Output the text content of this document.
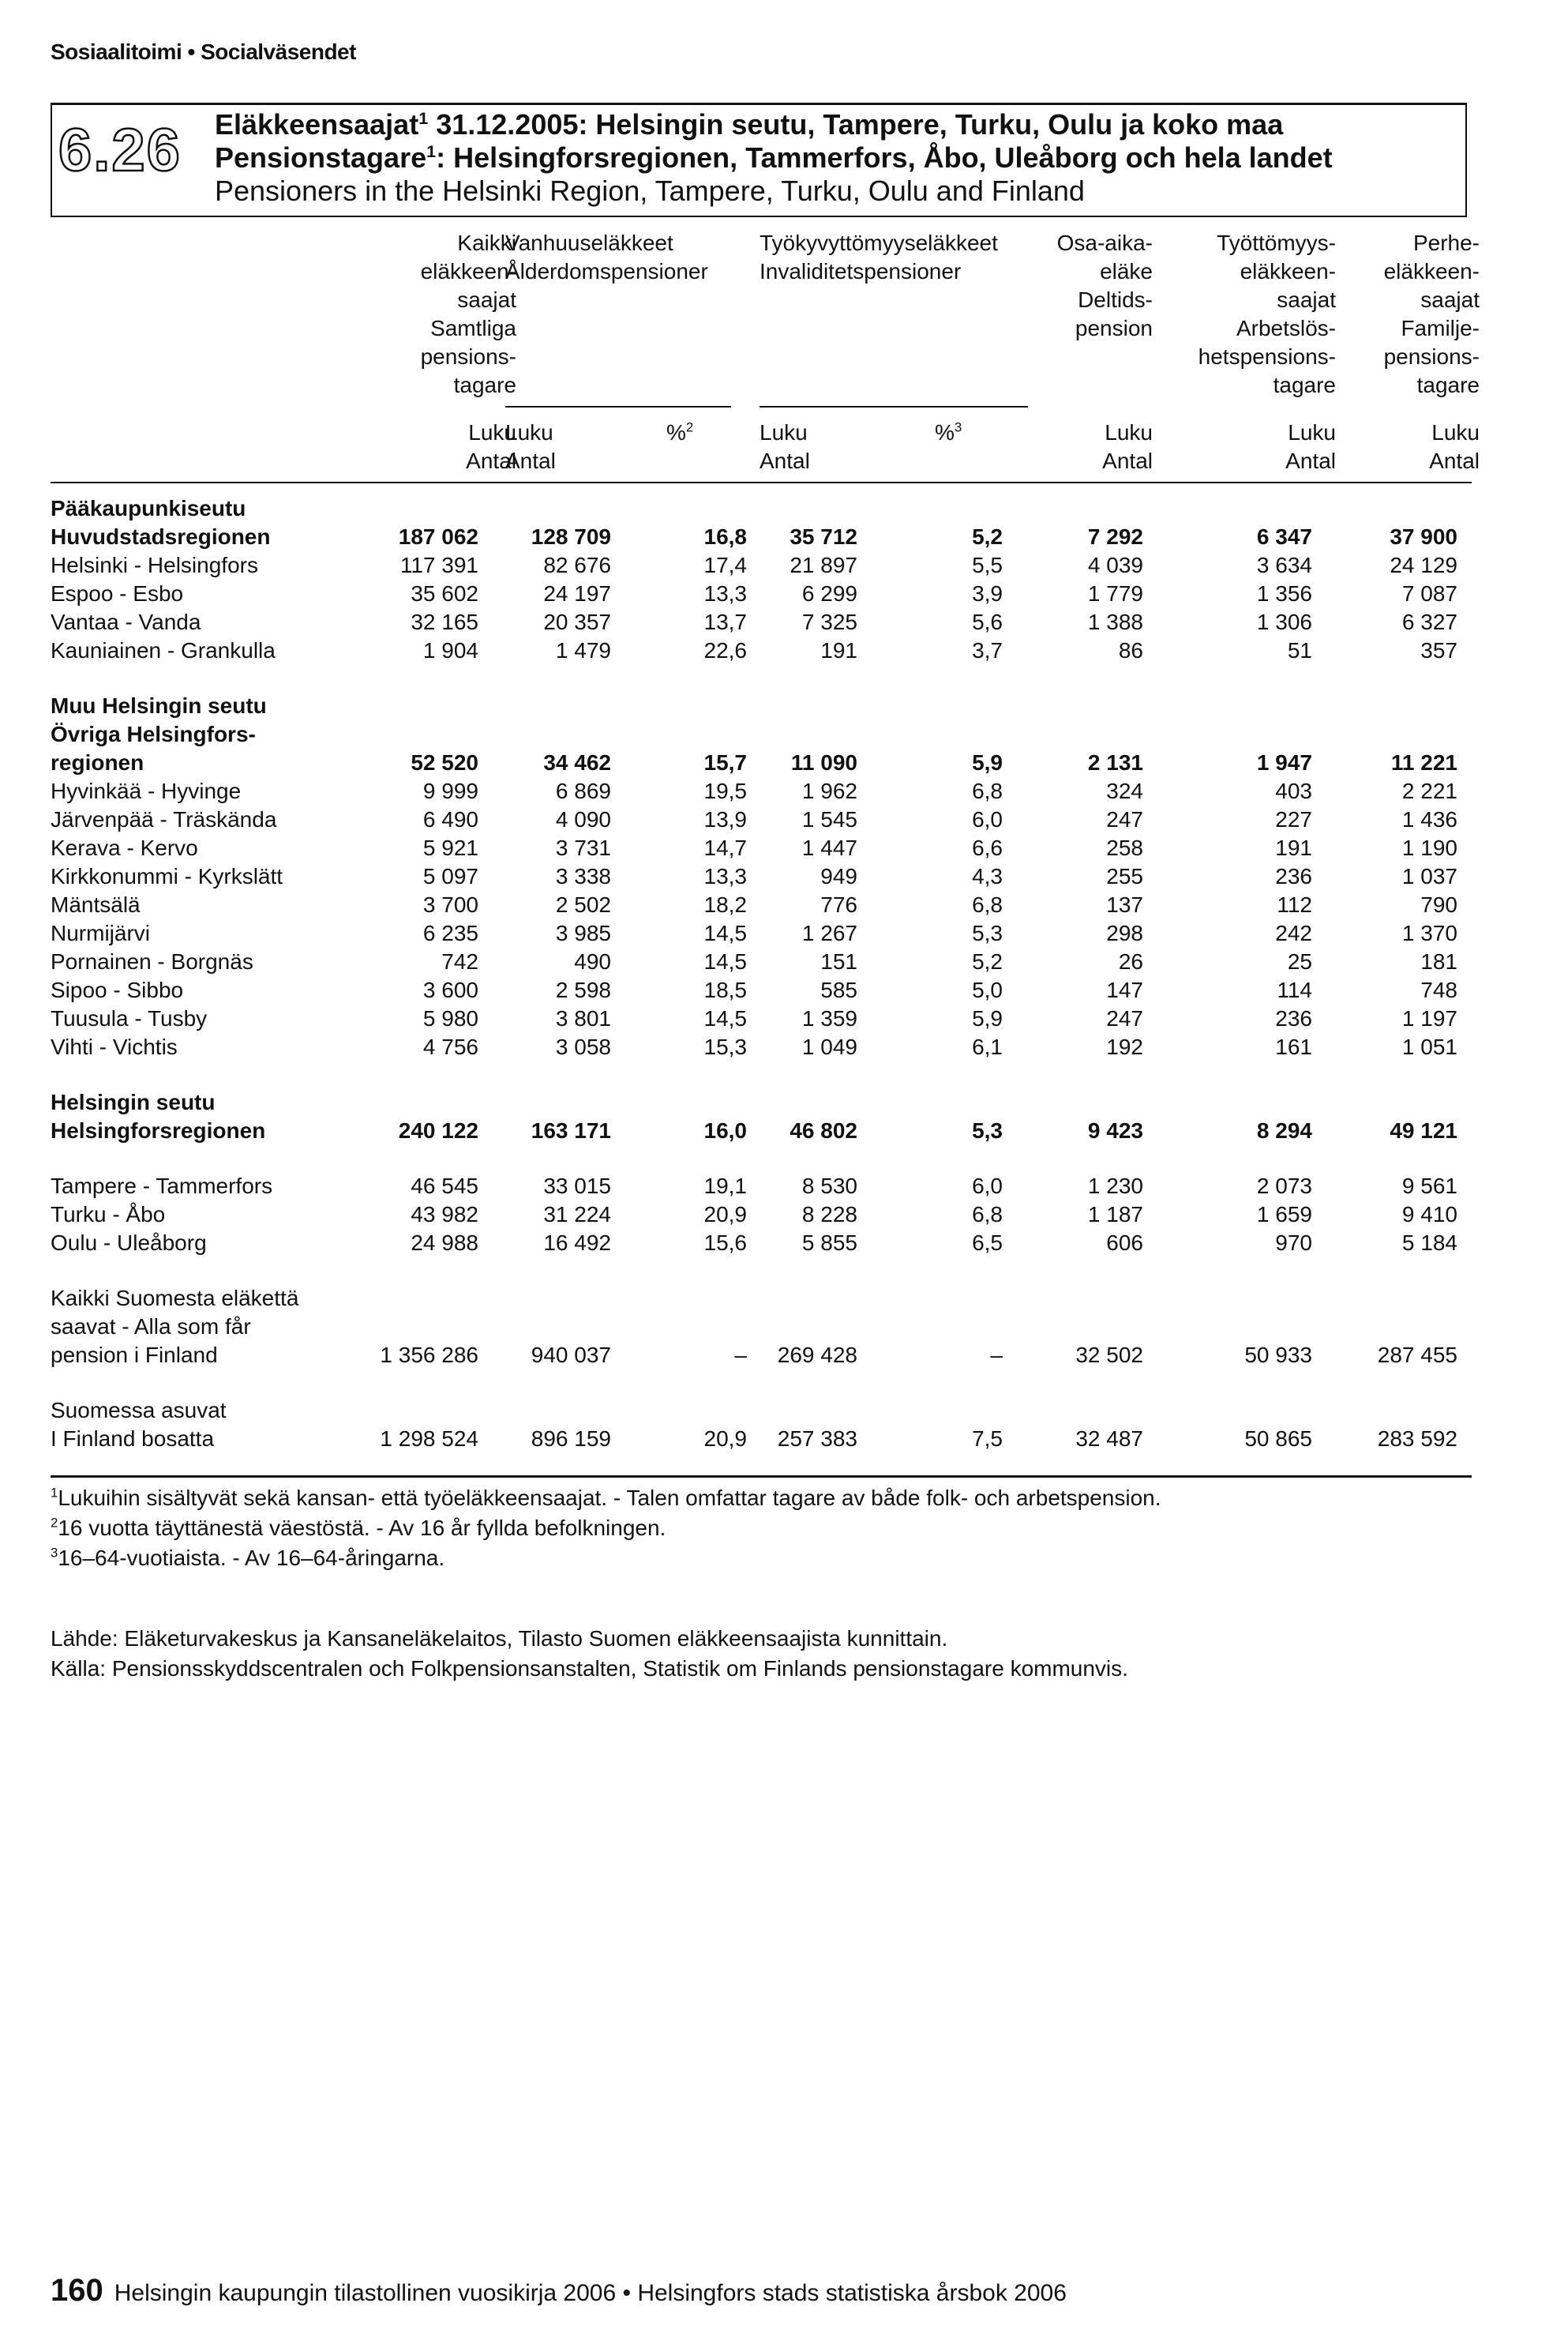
Sosiaalitoimi • Socialväsendet
6.26 Eläkkeensaajat$^1$ 31.12.2005: Helsingin seutu, Tampere, Turku, Oulu ja koko maa
Pensionstagare$^1$: Helsingforsregionen, Tammerfors, Åbo, Uleåborg och hela landet
Pensioners in the Helsinki Region, Tampere, Turku, Oulu and Finland
Kaikki
eläkkeen-
saajat
Samtliga
pensions-
tagare
Vanhuuseläkkeet
Ålderdomspensioner
Työkyvyttömyyseläkkeet
Invaliditetspensioner
Osa-aika-
eläke
Deltids-
pension
Työttömyys-
eläkkeen-
saajat
Arbetslös-
hetspensions-
tagare
Perhe-
eläkkeen-
saajat
Familje-
pensions-
tagare
Luku
Antal
Luku
Antal
%$^2$	Luku
Antal
%$^3$	Luku
Antal
Luku
Antal
Luku
Antal
Pääkaupunkiseutu
Huvudstadsregionen	187 062	128 709	16,8	35 712	5,2	7 292	6 347	37 900
Helsinki - Helsingfors	117 391	82 676	17,4	21 897	5,5	4 039	3 634	24 129
Espoo - Esbo	35 602	24 197	13,3	6 299	3,9	1 779	1 356	7 087
Vantaa - Vanda	32 165	20 357	13,7	7 325	5,6	1 388	1 306	6 327
Kauniainen - Grankulla	1 904	1 479	22,6	191	3,7	86	51	357
Muu Helsingin seutu
Övriga Helsingfors-
regionen	52 520	34 462	15,7	11 090	5,9	2 131	1 947	11 221
Hyvinkää - Hyvinge	9 999	6 869	19,5	1 962	6,8	324	403	2 221
Järvenpää - Träskända	6 490	4 090	13,9	1 545	6,0	247	227	1 436
Kerava - Kervo	5 921	3 731	14,7	1 447	6,6	258	191	1 190
Kirkkonummi - Kyrkslätt	5 097	3 338	13,3	949	4,3	255	236	1 037
Mäntsälä	3 700	2 502	18,2	776	6,8	137	112	790
Nurmijärvi	6 235	3 985	14,5	1 267	5,3	298	242	1 370
Pornainen - Borgnäs	742	490	14,5	151	5,2	26	25	181
Sipoo - Sibbo	3 600	2 598	18,5	585	5,0	147	114	748
Tuusula - Tusby	5 980	3 801	14,5	1 359	5,9	247	236	1 197
Vihti - Vichtis	4 756	3 058	15,3	1 049	6,1	192	161	1 051
Helsingin seutu
Helsingforsregionen	240 122	163 171	16,0	46 802	5,3	9 423	8 294	49 121
Tampere - Tammerfors	46 545	33 015	19,1	8 530	6,0	1 230	2 073	9 561
Turku - Åbo	43 982	31 224	20,9	8 228	6,8	1 187	1 659	9 410
Oulu - Uleåborg	24 988	16 492	15,6	5 855	6,5	606	970	5 184
Kaikki Suomesta eläkettä
saavat - Alla som får
pension i Finland	1 356 286	940 037	–	269 428	–	32 502	50 933	287 455
Suomessa asuvat
I Finland bosatta	1 298 524	896 159	20,9	257 383	7,5	32 487	50 865	283 592
$^1$Lukuihin sisältyvät sekä kansan- että työeläkkeensaajat. - Talen omfattar tagare av både folk- och arbetspension.
$^2$16 vuotta täyttänestä väestöstä. - Av 16 år fyllda befolkningen.
$^3$16–64-vuotiaista. - Av 16–64-åringarna.
Lähde: Eläketurvakeskus ja Kansaneläkelaitos, Tilasto Suomen eläkkeensaajista kunnittain.
Källa: Pensionsskyddscentralen och Folkpensionsanstalten, Statistik om Finlands pensionstagare kommunvis.
160 Helsingin kaupungin tilastollinen vuosikirja 2006 • Helsingfors stads statistiska årsbok 2006
